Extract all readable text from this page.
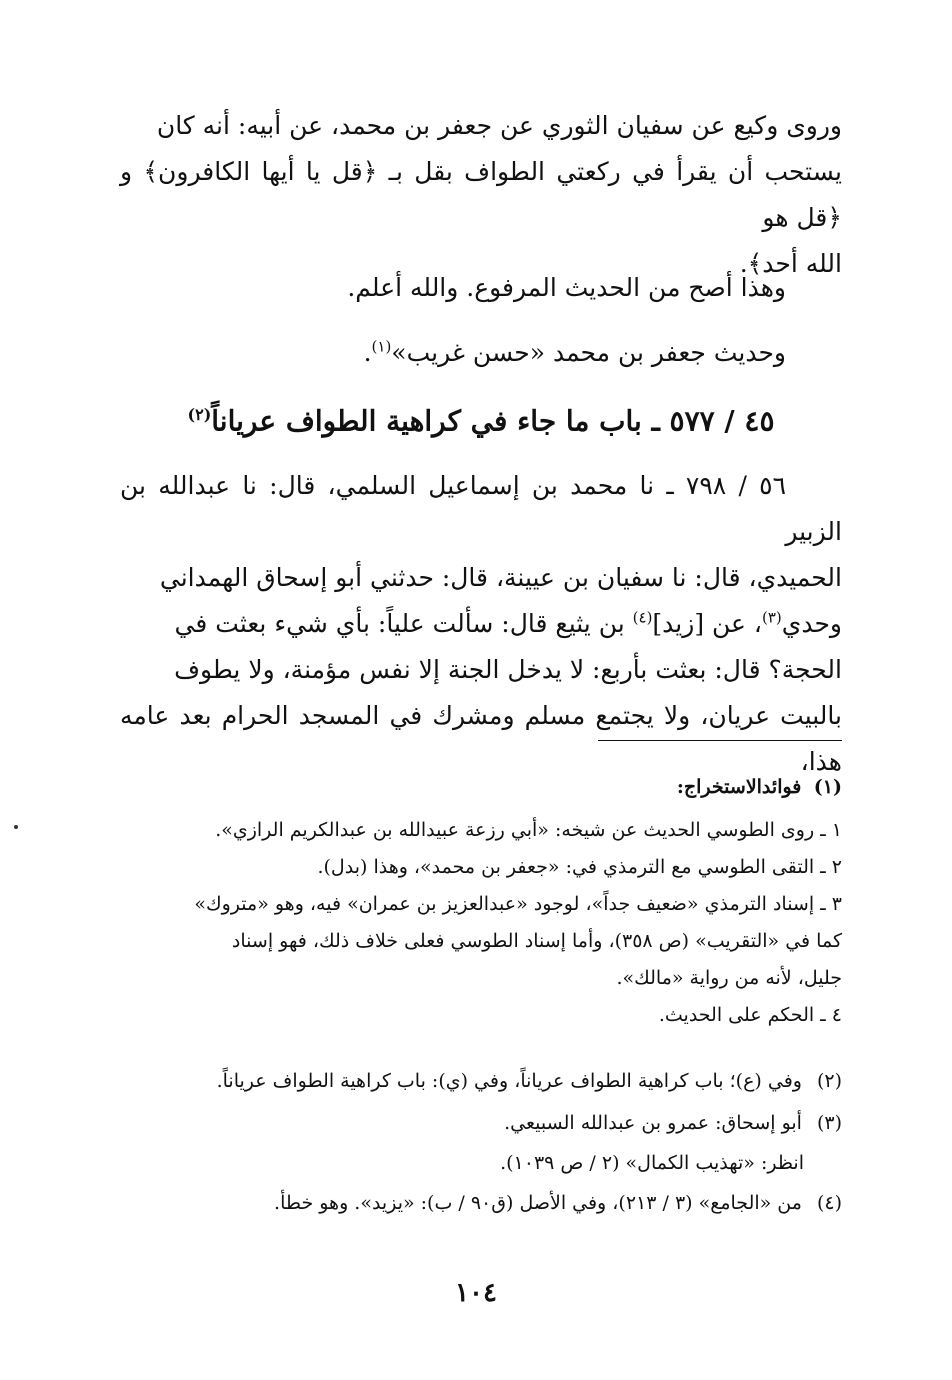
وروى وكيع عن سفيان الثوري عن جعفر بن محمد، عن أبيه: أنه كان
يستحب أن يقرأ في ركعتي الطواف بقل بـ ﴿قل يا أيها الكافرون﴾ و ﴿قل هو
الله أحد﴾.
وهذا أصح من الحديث المرفوع. والله أعلم.
وحديث جعفر بن محمد «حسن غريب»$^{(١)}$.
٤٥ / ٥٧٧ ـ باب ما جاء في كراهية الطواف عرياناً$^{(٢)}$
٥٦ / ٧٩٨ ـ نا محمد بن إسماعيل السلمي، قال: نا عبدالله بن الزبير
الحميدي، قال: نا سفيان بن عيينة، قال: حدثني أبو إسحاق الهمداني
وحدي$^{(٣)}$، عن [زيد]$^{(٤)}$ بن يثيع قال: سألت علياً: بأي شيء بعثت في
الحجة؟ قال: بعثت بأربع: لا يدخل الجنة إلا نفس مؤمنة، ولا يطوف
بالبيت عريان، ولا يجتمع مسلم ومشرك في المسجد الحرام بعد عامه هذا،
(١) فوائدالاستخراج:
١ ـ روى الطوسي الحديث عن شيخه: «أبي رزعة عبيدالله بن عبدالكريم الرازي».
٢ ـ التقى الطوسي مع الترمذي في: «جعفر بن محمد»، وهذا (بدل).
٣ ـ إسناد الترمذي «ضعيف جداً»، لوجود «عبدالعزيز بن عمران» فيه، وهو «متروك»
كما في «التقريب» (ص ٣٥٨)، وأما إسناد الطوسي فعلى خلاف ذلك، فهو إسناد
جليل، لأنه من رواية «مالك».
٤ ـ الحكم على الحديث.
(٢) وفي (ع)؛ باب كراهية الطواف عرياناً، وفي (ي): باب كراهية الطواف عرياناً.
(٣) أبو إسحاق: عمرو بن عبدالله السبيعي.
انظر: «تهذيب الكمال» (٢ / ص ١٠٣٩).
(٤) من «الجامع» (٣ / ٢١٣)، وفي الأصل (ق٩٠ / ب): «يزيد». وهو خطأ.
١٠٤
